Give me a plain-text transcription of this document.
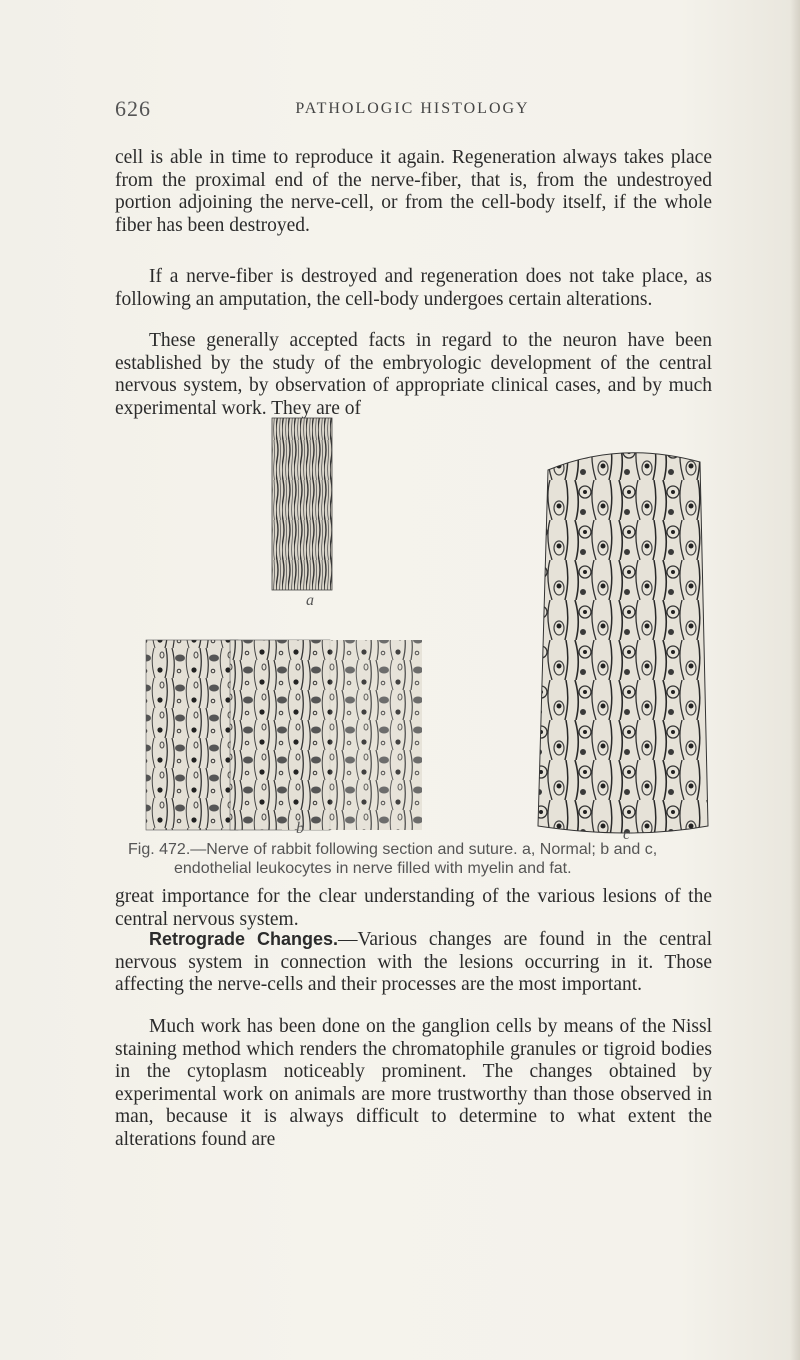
626	PATHOLOGIC HISTOLOGY
cell is able in time to reproduce it again. Regeneration always takes place from the proximal end of the nerve-fiber, that is, from the undestroyed portion adjoining the nerve-cell, or from the cell-body itself, if the whole fiber has been destroyed.
If a nerve-fiber is destroyed and regeneration does not take place, as following an amputation, the cell-body undergoes certain alterations.
These generally accepted facts in regard to the neuron have been established by the study of the embryologic development of the central nervous system, by observation of appropriate clinical cases, and by much experimental work. They are of
a
b	c
Fig. 472.—Nerve of rabbit following section and suture. a, Normal; b and c,
endothelial leukocytes in nerve filled with myelin and fat.
great importance for the clear understanding of the various lesions of the central nervous system.
Retrograde Changes.—Various changes are found in the central nervous system in connection with the lesions occurring in it. Those affecting the nerve-cells and their processes are the most important.
Much work has been done on the ganglion cells by means of the Nissl staining method which renders the chromatophile granules or tigroid bodies in the cytoplasm noticeably prominent. The changes obtained by experimental work on animals are more trustworthy than those observed in man, because it is always difficult to determine to what extent the alterations found are
